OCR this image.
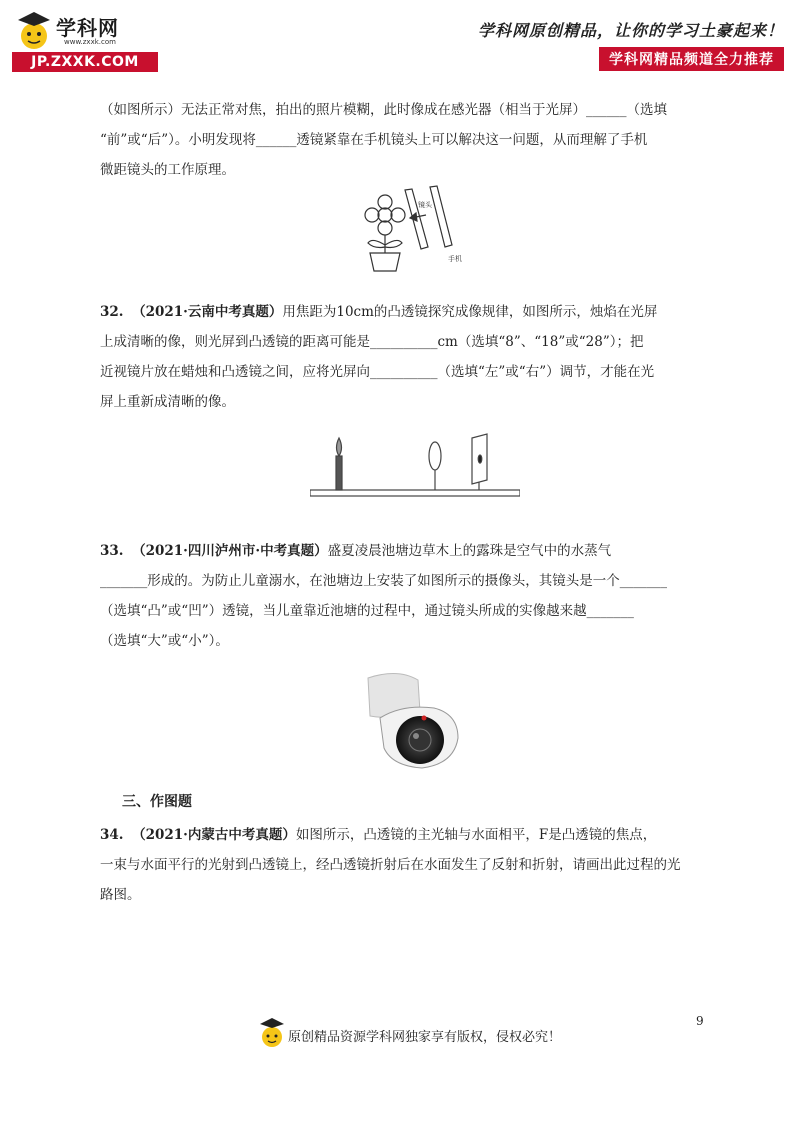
学科网
www.zxxk.com
JP.ZXXK.COM
学科网原创精品，让你的学习土豪起来！
学科网精品频道全力推荐

（如图所示）无法正常对焦，拍出的照片模糊，此时像成在感光器（相当于光屏）______（选填

“前”或“后”）。小明发现将______透镜紧靠在手机镜头上可以解决这一问题，从而理解了手机

微距镜头的工作原理。

镜头
手机

32. （2021·云南中考真题）用焦距为10cm的凸透镜探究成像规律，如图所示，烛焰在光屏

上成清晰的像，则光屏到凸透镜的距离可能是__________cm（选填“8”、“18”或“28”）；把

近视镜片放在蜡烛和凸透镜之间，应将光屏向__________（选填“左”或“右”）调节，才能在光

屏上重新成清晰的像。

33. （2021·四川泸州市·中考真题）盛夏凌晨池塘边草木上的露珠是空气中的水蒸气

_______形成的。为防止儿童溺水，在池塘边上安装了如图所示的摄像头，其镜头是一个_______

（选填“凸”或“凹”）透镜，当儿童靠近池塘的过程中，通过镜头所成的实像越来越_______

（选填“大”或“小”）。

三、作图题

34. （2021·内蒙古中考真题）如图所示，凸透镜的主光轴与水面相平，F是凸透镜的焦点，

一束与水面平行的光射到凸透镜上，经凸透镜折射后在水面发生了反射和折射，请画出此过程的光

路图。

9
原创精品资源学科网独家享有版权，侵权必究！
